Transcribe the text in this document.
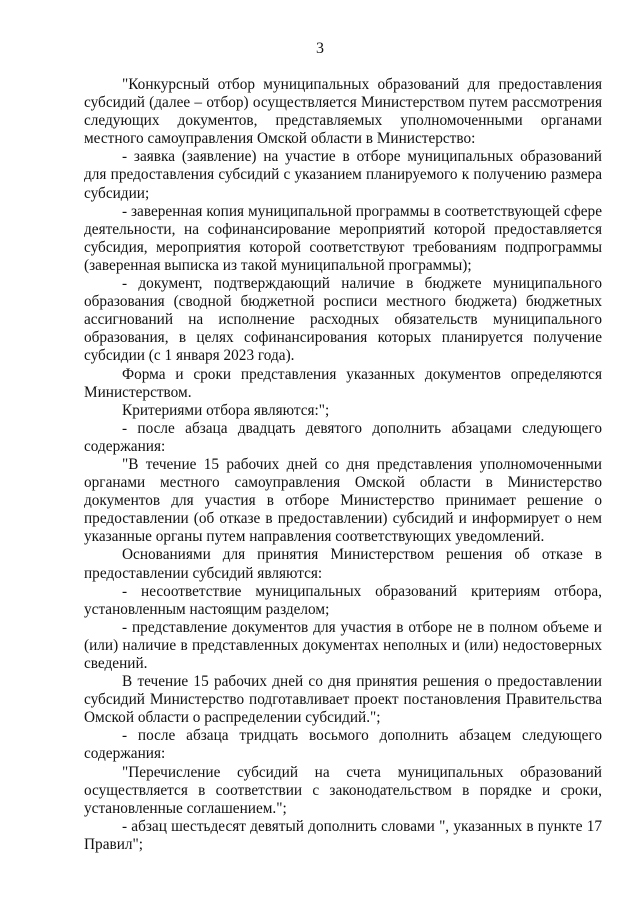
3

"Конкурсный отбор муниципальных образований для предоставления субсидий (далее – отбор) осуществляется Министерством путем рассмотрения следующих документов, представляемых уполномоченными органами местного самоуправления Омской области в Министерство:

- заявка (заявление) на участие в отборе муниципальных образований для предоставления субсидий с указанием планируемого к получению размера субсидии;

- заверенная копия муниципальной программы в соответствующей сфере деятельности, на софинансирование мероприятий которой предоставляется субсидия, мероприятия которой соответствуют требованиям подпрограммы (заверенная выписка из такой муниципальной программы);

- документ, подтверждающий наличие в бюджете муниципального образования (сводной бюджетной росписи местного бюджета) бюджетных ассигнований на исполнение расходных обязательств муниципального образования, в целях софинансирования которых планируется получение субсидии (с 1 января 2023 года).

Форма и сроки представления указанных документов определяются Министерством.

Критериями отбора являются:";

- после абзаца двадцать девятого дополнить абзацами следующего содержания:

"В течение 15 рабочих дней со дня представления уполномоченными органами местного самоуправления Омской области в Министерство документов для участия в отборе Министерство принимает решение о предоставлении (об отказе в предоставлении) субсидий и информирует о нем указанные органы путем направления соответствующих уведомлений.

Основаниями для принятия Министерством решения об отказе в предоставлении субсидий являются:

- несоответствие муниципальных образований критериям отбора, установленным настоящим разделом;

- представление документов для участия в отборе не в полном объеме и (или) наличие в представленных документах неполных и (или) недостоверных сведений.

В течение 15 рабочих дней со дня принятия решения о предоставлении субсидий Министерство подготавливает проект постановления Правительства Омской области о распределении субсидий.";

- после абзаца тридцать восьмого дополнить абзацем следующего содержания:

"Перечисление субсидий на счета муниципальных образований осуществляется в соответствии с законодательством в порядке и сроки, установленные соглашением.";

- абзац шестьдесят девятый дополнить словами ", указанных в пункте 17 Правил";
